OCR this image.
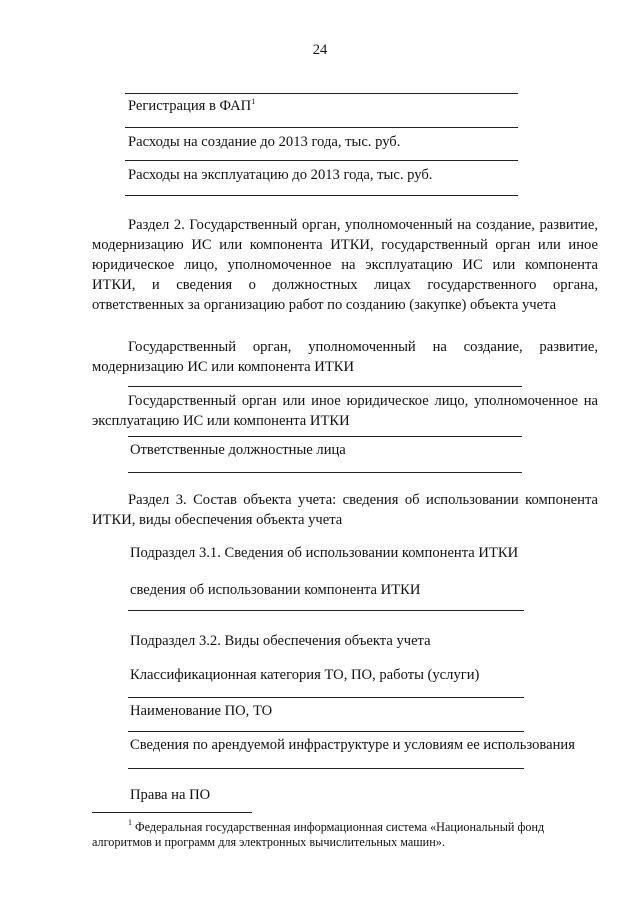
24
Регистрация в ФАП$^1$
Расходы на создание до 2013 года, тыс. руб.
Расходы на эксплуатацию до 2013 года, тыс. руб.
Раздел 2. Государственный орган, уполномоченный на создание, развитие, модернизацию ИС или компонента ИТКИ, государственный орган или иное юридическое лицо, уполномоченное на эксплуатацию ИС или компонента ИТКИ, и сведения о должностных лицах государственного органа, ответственных за организацию работ по созданию (закупке) объекта учета
Государственный орган, уполномоченный на создание, развитие, модернизацию ИС или компонента ИТКИ
Государственный орган или иное юридическое лицо, уполномоченное на эксплуатацию ИС или компонента ИТКИ
Ответственные должностные лица
Раздел 3. Состав объекта учета: сведения об использовании компонента ИТКИ, виды обеспечения объекта учета
Подраздел 3.1. Сведения об использовании компонента ИТКИ
сведения об использовании компонента ИТКИ
Подраздел 3.2. Виды обеспечения объекта учета
Классификационная категория ТО, ПО, работы (услуги)
Наименование ПО, ТО
Сведения по арендуемой инфраструктуре и условиям ее использования
Права на ПО
$^1$ Федеральная государственная информационная система «Национальный фонд
алгоритмов и программ для электронных вычислительных машин».
